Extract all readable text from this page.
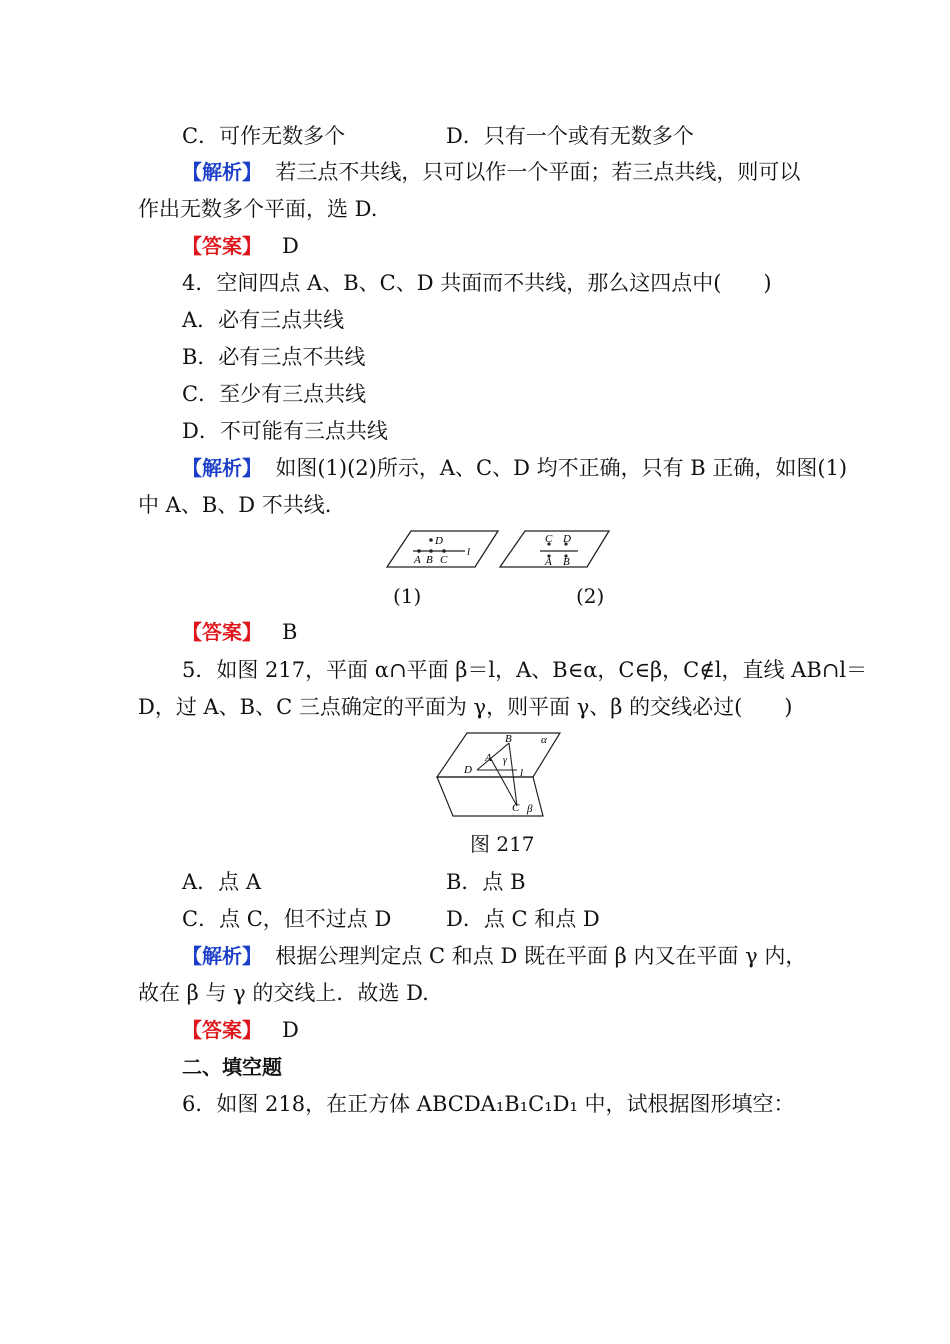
C．可作无数多个	D．只有一个或有无数多个
【解析】 若三点不共线，只可以作一个平面；若三点共线，则可以
作出无数多个平面，选 D.
【答案】 D
4．空间四点 A、B、C、D 共面而不共线，那么这四点中(　　)
A．必有三点共线
B．必有三点不共线
C．至少有三点共线
D．不可能有三点共线
【解析】 如图(1)(2)所示，A、C、D 均不正确，只有 B 正确，如图(1)
中 A、B、D 不共线.
D
A B C
l
(1)
C D
A B
(2)
【答案】 B
5．如图 217，平面 α∩平面 β＝l，A、B∈α，C∈β，C∉l，直线 AB∩l＝
D，过 A、B、C 三点确定的平面为 γ，则平面 γ、β 的交线必过(　　)
B	α
A γ
D	l
C β
图 217
A．点 A	B．点 B
C．点 C，但不过点 D	D．点 C 和点 D
【解析】 根据公理判定点 C 和点 D 既在平面 β 内又在平面 γ 内，
故在 β 与 γ 的交线上．故选 D.
【答案】 D
二、填空题
6．如图 218，在正方体 ABCDA₁B₁C₁D₁ 中，试根据图形填空：
